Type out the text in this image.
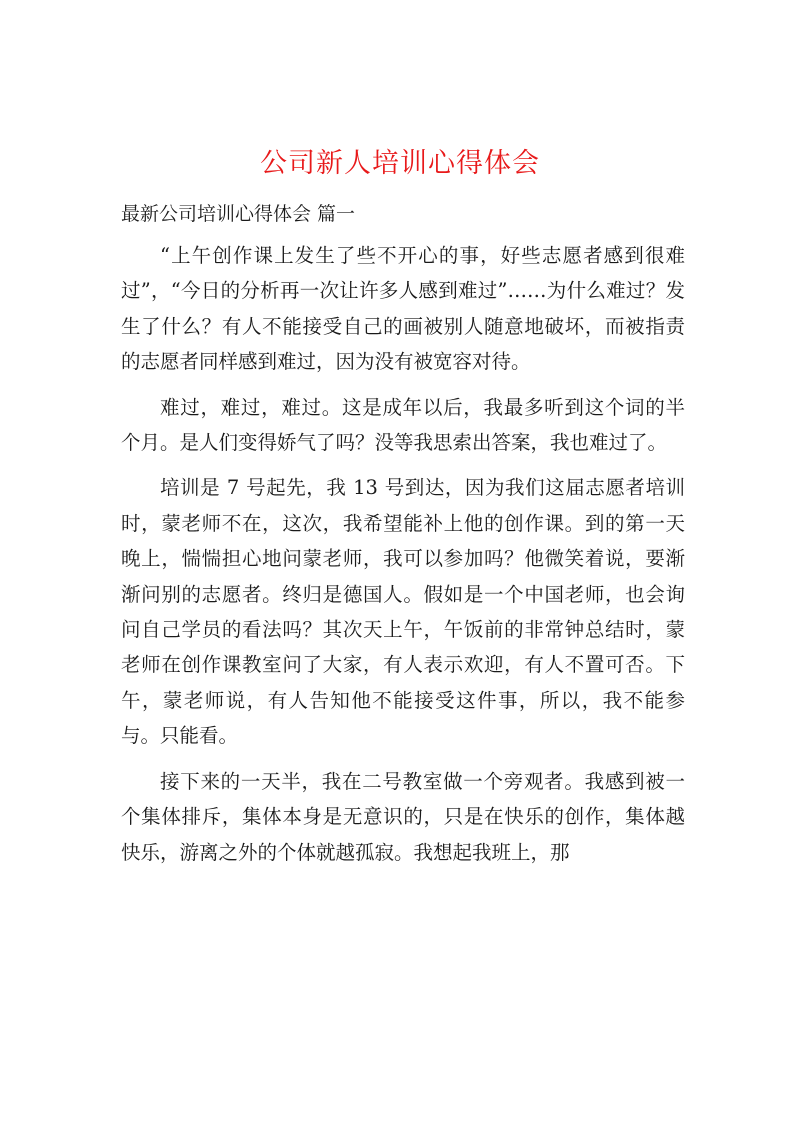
公司新人培训心得体会
最新公司培训心得体会 篇一

“上午创作课上发生了些不开心的事，好些志愿者感到很难过”，“今日的分析再一次让许多人感到难过”……为什么难过？发生了什么？有人不能接受自己的画被别人随意地破坏，而被指责的志愿者同样感到难过，因为没有被宽容对待。

难过，难过，难过。这是成年以后，我最多听到这个词的半个月。是人们变得娇气了吗？没等我思索出答案，我也难过了。

培训是 7 号起先，我 13 号到达，因为我们这届志愿者培训时，蒙老师不在，这次，我希望能补上他的创作课。到的第一天晚上，惴惴担心地问蒙老师，我可以参加吗？他微笑着说，要渐渐问别的志愿者。终归是德国人。假如是一个中国老师，也会询问自己学员的看法吗？其次天上午，午饭前的非常钟总结时，蒙老师在创作课教室问了大家，有人表示欢迎，有人不置可否。下午，蒙老师说，有人告知他不能接受这件事，所以，我不能参与。只能看。

接下来的一天半，我在二号教室做一个旁观者。我感到被一个集体排斥，集体本身是无意识的，只是在快乐的创作，集体越快乐，游离之外的个体就越孤寂。我想起我班上，那
